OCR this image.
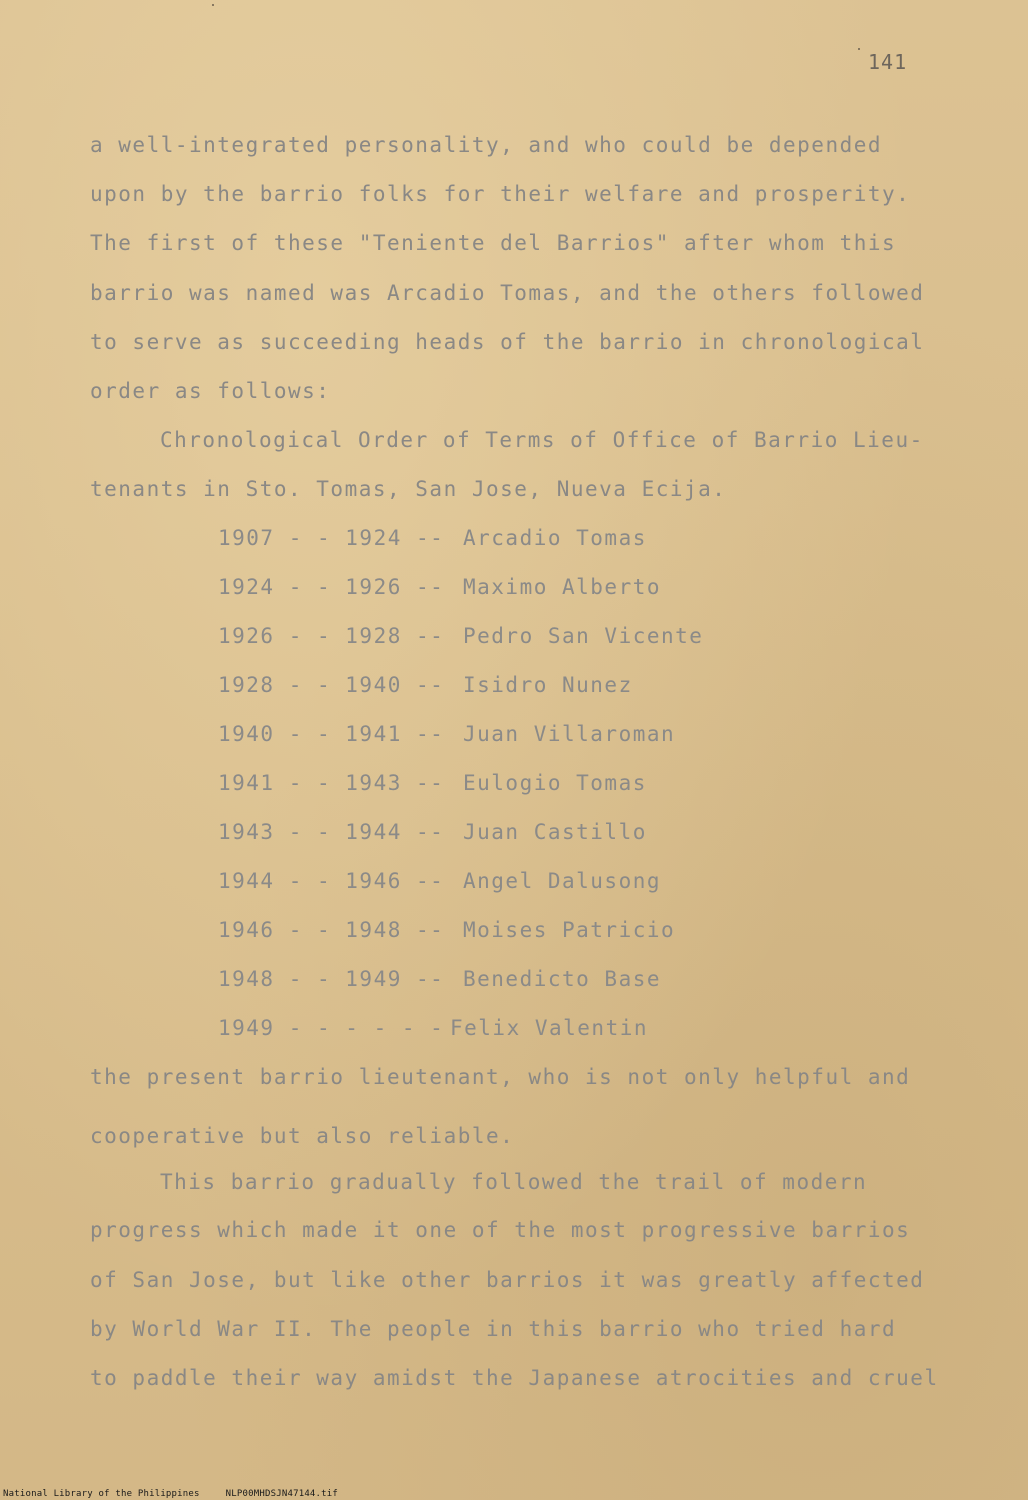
141
a well-integrated personality, and who could be depended
upon by the barrio folks for their welfare and prosperity.
The first of these "Teniente del Barrios" after whom this
barrio was named was Arcadio Tomas, and the others followed
to serve as succeeding heads of the barrio in chronological
order as follows:
Chronological Order of Terms of Office of Barrio Lieu-
tenants in Sto. Tomas, San Jose, Nueva Ecija.
1907 - - 1924 -- Arcadio Tomas
1924 - - 1926 -- Maximo Alberto
1926 - - 1928 -- Pedro San Vicente
1928 - - 1940 -- Isidro Nunez
1940 - - 1941 -- Juan Villaroman
1941 - - 1943 -- Eulogio Tomas
1943 - - 1944 -- Juan Castillo
1944 - - 1946 -- Angel Dalusong
1946 - - 1948 -- Moises Patricio
1948 - - 1949 -- Benedicto Base
1949 - - - - - - Felix Valentin
the present barrio lieutenant, who is not only helpful and
cooperative but also reliable.
This barrio gradually followed the trail of modern
progress which made it one of the most progressive barrios
of San Jose, but like other barrios it was greatly affected
by World War II. The people in this barrio who tried hard
to paddle their way amidst the Japanese atrocities and cruel
National Library of the Philippines	NLP00MHDSJN47144.tif
